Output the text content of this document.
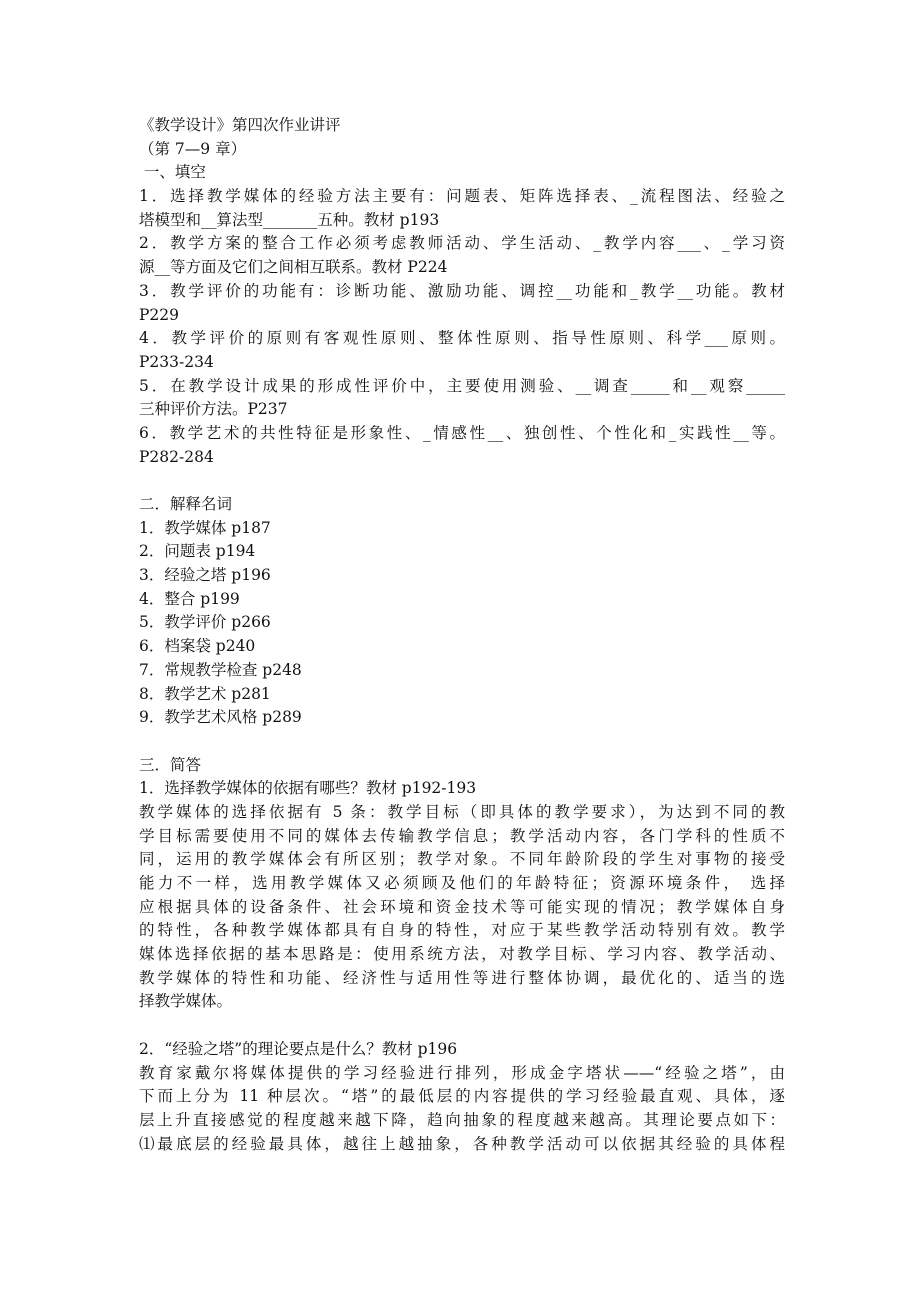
《教学设计》第四次作业讲评
（第 7—9 章）
一、填空
1．选择教学媒体的经验方法主要有：问题表、矩阵选择表、_流程图法、经验之
塔模型和__算法型_______五种。教材 p193
2．教学方案的整合工作必须考虑教师活动、学生活动、_教学内容___、_学习资
源__等方面及它们之间相互联系。教材 P224
3．教学评价的功能有：诊断功能、激励功能、调控__功能和_教学__功能。教材
P229
4．教学评价的原则有客观性原则、整体性原则、指导性原则、科学___原则。
P233-234
5．在教学设计成果的形成性评价中，主要使用测验、__调查_____和__观察_____
三种评价方法。P237
6．教学艺术的共性特征是形象性、_情感性__、独创性、个性化和_实践性__等。
P282-284
二．解释名词
1．教学媒体 p187
2．问题表 p194
3．经验之塔 p196
4．整合 p199
5．教学评价 p266
6．档案袋 p240
7．常规教学检查 p248
8．教学艺术 p281
9．教学艺术风格 p289
三．简答
1．选择教学媒体的依据有哪些？教材 p192-193
教学媒体的选择依据有 5 条：教学目标（即具体的教学要求），为达到不同的教
学目标需要使用不同的媒体去传输教学信息；教学活动内容，各门学科的性质不
同，运用的教学媒体会有所区别；教学对象。不同年龄阶段的学生对事物的接受
能力不一样，选用教学媒体又必须顾及他们的年龄特征；资源环境条件， 选择
应根据具体的设备条件、社会环境和资金技术等可能实现的情况；教学媒体自身
的特性，各种教学媒体都具有自身的特性，对应于某些教学活动特别有效。教学
媒体选择依据的基本思路是：使用系统方法，对教学目标、学习内容、教学活动、
教学媒体的特性和功能、经济性与适用性等进行整体协调，最优化的、适当的选
择教学媒体。
2．“经验之塔”的理论要点是什么？教材 p196
教育家戴尔将媒体提供的学习经验进行排列，形成金字塔状——“经验之塔”，由
下而上分为 11 种层次。“塔”的最低层的内容提供的学习经验最直观、具体，逐
层上升直接感觉的程度越来越下降，趋向抽象的程度越来越高。其理论要点如下：
⑴最底层的经验最具体，越往上越抽象，各种教学活动可以依据其经验的具体程
